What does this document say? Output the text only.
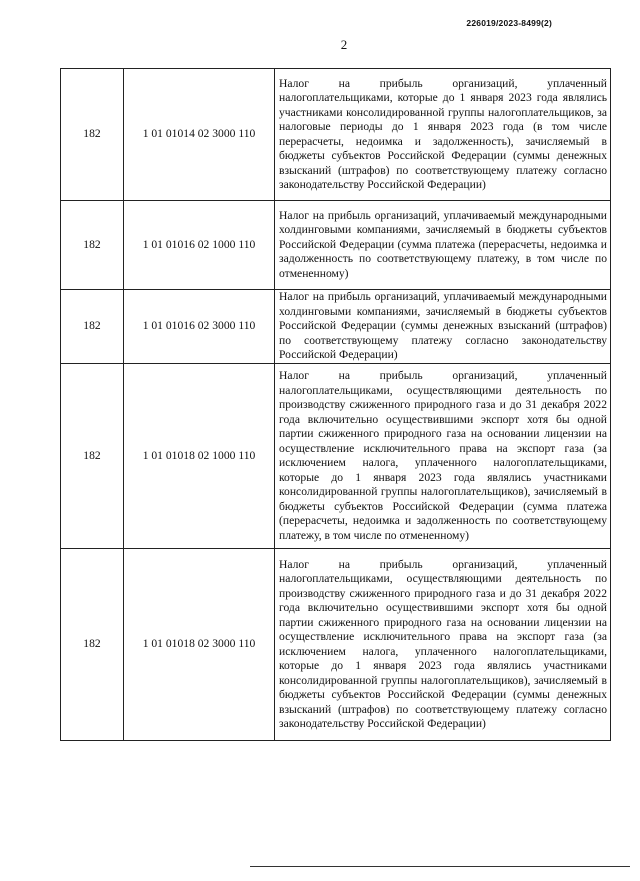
226019/2023-8499(2)
2
182	1 01 01014 02 3000 110	Налог на прибыль организаций, уплаченный налогоплательщиками, которые до 1 января 2023 года являлись участниками консолидированной группы налогоплательщиков, за налоговые периоды до 1 января 2023 года (в том числе перерасчеты, недоимка и задолженность), зачисляемый в бюджеты субъектов Российской Федерации (суммы денежных взысканий (штрафов) по соответствующему платежу согласно законодательству Российской Федерации)
182	1 01 01016 02 1000 110	Налог на прибыль организаций, уплачиваемый международными холдинговыми компаниями, зачисляемый в бюджеты субъектов Российской Федерации (сумма платежа (перерасчеты, недоимка и задолженность по соответствующему платежу, в том числе по отмененному)
182	1 01 01016 02 3000 110	Налог на прибыль организаций, уплачиваемый международными холдинговыми компаниями, зачисляемый в бюджеты субъектов Российской Федерации (суммы денежных взысканий (штрафов) по соответствующему платежу согласно законодательству Российской Федерации)
182	1 01 01018 02 1000 110	Налог на прибыль организаций, уплаченный налогоплательщиками, осуществляющими деятельность по производству сжиженного природного газа и до 31 декабря 2022 года включительно осуществившими экспорт хотя бы одной партии сжиженного природного газа на основании лицензии на осуществление исключительного права на экспорт газа (за исключением налога, уплаченного налогоплательщиками, которые до 1 января 2023 года являлись участниками консолидированной группы налогоплательщиков), зачисляемый в бюджеты субъектов Российской Федерации (сумма платежа (перерасчеты, недоимка и задолженность по соответствующему платежу, в том числе по отмененному)
182	1 01 01018 02 3000 110	Налог на прибыль организаций, уплаченный налогоплательщиками, осуществляющими деятельность по производству сжиженного природного газа и до 31 декабря 2022 года включительно осуществившими экспорт хотя бы одной партии сжиженного природного газа на основании лицензии на осуществление исключительного права на экспорт газа (за исключением налога, уплаченного налогоплательщиками, которые до 1 января 2023 года являлись участниками консолидированной группы налогоплательщиков), зачисляемый в бюджеты субъектов Российской Федерации (суммы денежных взысканий (штрафов) по соответствующему платежу согласно законодательству Российской Федерации)
